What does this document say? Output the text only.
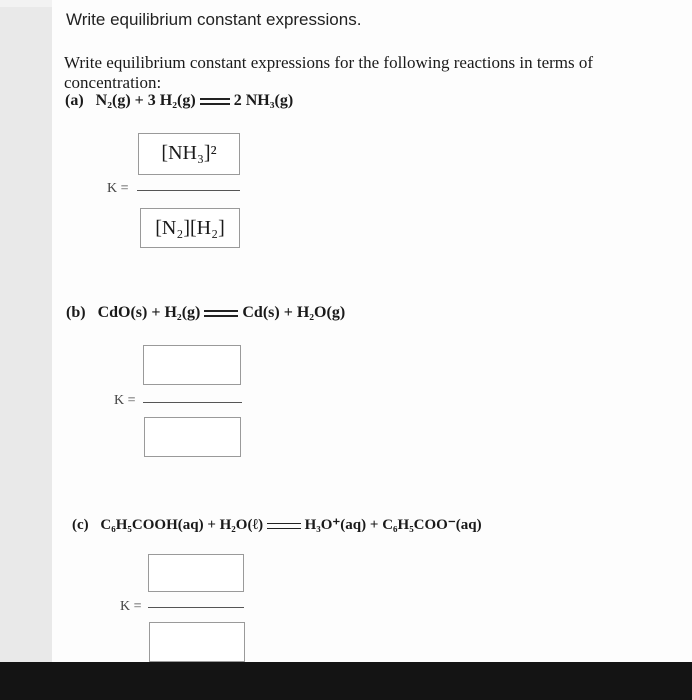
Write equilibrium constant expressions.
Write equilibrium constant expressions for the following reactions in terms of concentration:
(a) N₂(g) + 3 H₂(g) 2 NH₃(g)
[NH₃]²
K =
[N₂][H₂]
(b) CdO(s) + H₂(g)	Cd(s) + H₂O(g)
K =
(c) C₆H₅COOH(aq) + H₂O(ℓ)	H₃O⁺(aq) + C₆H₅COO⁻(aq)
K =
